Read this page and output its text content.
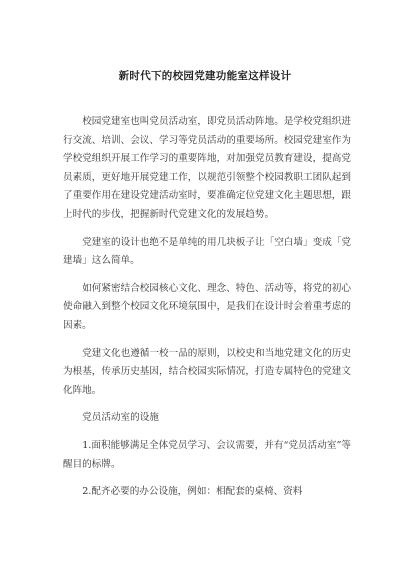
新时代下的校园党建功能室这样设计

校园党建室也叫党员活动室，即党员活动阵地。是学校党组织进行交流、培训、会议、学习等党员活动的重要场所。校园党建室作为学校党组织开展工作学习的重要阵地，对加强党员教育建设，提高党员素质，更好地开展党建工作，以规范引领整个校园教职工团队起到了重要作用在建设党建活动室时，要准确定位党建文化主题思想，跟上时代的步伐，把握新时代党建文化的发展趋势。

党建室的设计也绝不是单纯的用几块板子让「空白墙」变成「党建墙」这么简单。

如何紧密结合校园核心文化、理念、特色、活动等，将党的初心使命融入到整个校园文化环境氛围中，是我们在设计时会着重考虑的因素。

党建文化也遵循一校一品的原则，以校史和当地党建文化的历史为根基，传承历史基因，结合校园实际情况，打造专属特色的党建文化阵地。

党员活动室的设施

1.面积能够满足全体党员学习、会议需要，并有“党员活动室”等醒目的标牌。

2.配齐必要的办公设施，例如：相配套的桌椅、资料
